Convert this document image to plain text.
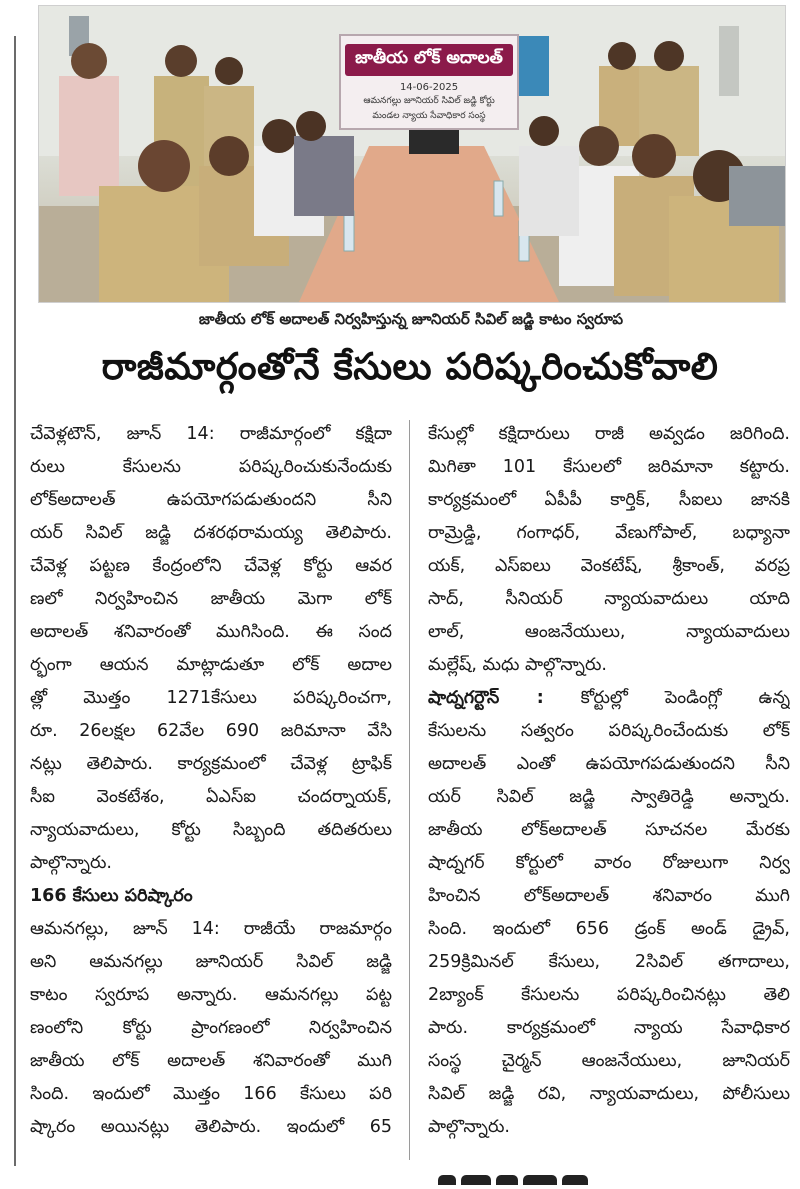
జాతీయ లోక్ అదాలత్
14-06-2025
ఆమనగల్లు జూనియర్ సివిల్ జడ్జి కోర్టు
మండల న్యాయ సేవాధికార సంస్థ
జాతీయ లోక్ అదాలత్ నిర్వహిస్తున్న జూనియర్ సివిల్ జడ్జి కాటం స్వరూప
రాజీమార్గంతోనే కేసులు పరిష్కరించుకోవాలి
చేవెళ్లటౌన్, జూన్ 14: రాజీమార్గంలో కక్షిదా
రులు కేసులను పరిష్కరించుకునేందుకు
లోక్అదాలత్ ఉపయోగపడుతుందని సీని
యర్ సివిల్ జడ్జి దశరథరామయ్య తెలిపారు.
చేవెళ్ల పట్టణ కేంద్రంలోని చేవెళ్ల కోర్టు ఆవర
ణలో నిర్వహించిన జాతీయ మెగా లోక్
అదాలత్ శనివారంతో ముగిసింది. ఈ సంద
ర్భంగా ఆయన మాట్లాడుతూ లోక్ అదాల
త్లో మొత్తం 1271కేసులు పరిష్కరించగా,
రూ. 26లక్షల 62వేల 690 జరిమానా వేసి
నట్లు తెలిపారు. కార్యక్రమంలో చేవెళ్ల ట్రాఫిక్
సీఐ వెంకటేశం, ఏఎస్ఐ చందర్నాయక్,
న్యాయవాదులు, కోర్టు సిబ్బంది తదితరులు
పాల్గొన్నారు.
166 కేసులు పరిష్కారం
ఆమనగల్లు, జూన్ 14: రాజీయే రాజమార్గం
అని ఆమనగల్లు జూనియర్ సివిల్ జడ్జి
కాటం స్వరూప అన్నారు. ఆమనగల్లు పట్ట
ణంలోని కోర్టు ప్రాంగణంలో నిర్వహించిన
జాతీయ లోక్ అదాలత్ శనివారంతో ముగి
సింది. ఇందులో మొత్తం 166 కేసులు పరి
ష్కారం అయినట్లు తెలిపారు. ఇందులో 65
కేసుల్లో కక్షిదారులు రాజీ అవ్వడం జరిగింది.
మిగితా 101 కేసులలో జరిమానా కట్టారు.
కార్యక్రమంలో ఏపీపీ కార్తిక్, సీఐలు జానకి
రామ్రెడ్డి, గంగాధర్, వేణుగోపాల్, బధ్యానా
యక్, ఎస్ఐలు వెంకటేష్, శ్రీకాంత్, వరప్ర
సాద్, సీనియర్ న్యాయవాదులు యాది
లాల్, ఆంజనేయులు, న్యాయవాదులు
మల్లేష్, మధు పాల్గొన్నారు.
షాద్నగర్టౌన్ : కోర్టుల్లో పెండింగ్లో ఉన్న
కేసులను సత్వరం పరిష్కరించేందుకు లోక్
అదాలత్ ఎంతో ఉపయోగపడుతుందని సీని
యర్ సివిల్ జడ్జి స్వాతిరెడ్డి అన్నారు.
జాతీయ లోక్అదాలత్ సూచనల మేరకు
షాద్నగర్ కోర్టులో వారం రోజులుగా నిర్వ
హించిన లోక్అదాలత్ శనివారం ముగి
సింది. ఇందులో 656 డ్రంక్ అండ్ డ్రైవ్,
259క్రిమినల్ కేసులు, 2సివిల్ తగాదాలు,
2బ్యాంక్ కేసులను పరిష్కరించినట్లు తెలి
పారు. కార్యక్రమంలో న్యాయ సేవాధికార
సంస్థ చైర్మన్ ఆంజనేయులు, జూనియర్
సివిల్ జడ్జి రవి, న్యాయవాదులు, పోలీసులు
పాల్గొన్నారు.
